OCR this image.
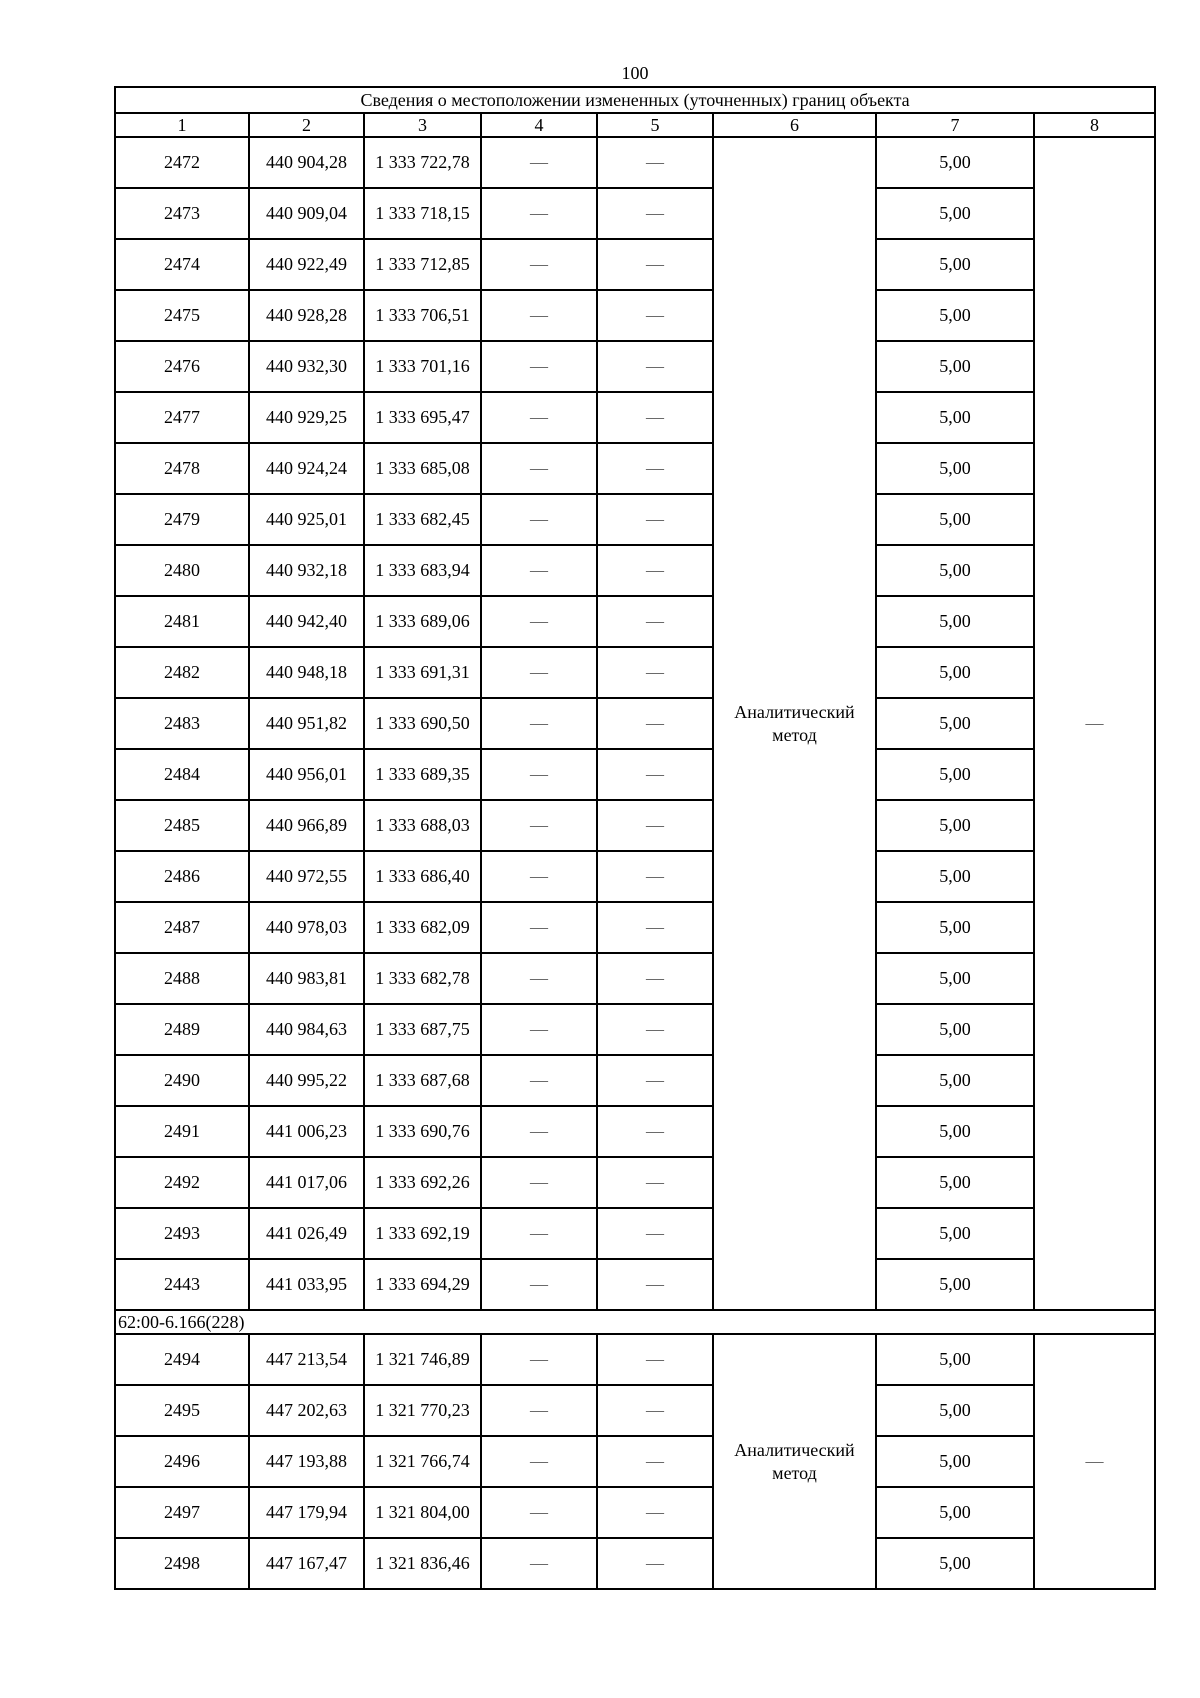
100
Сведения о местоположении измененных (уточненных) границ объекта							
1	2	3	4	5	6	7	8
2472	440 904,28	1 333 722,78	—	—	Аналитический метод	5,00	—
2473	440 909,04	1 333 718,15	—	—		5,00	
2474	440 922,49	1 333 712,85	—	—		5,00	
2475	440 928,28	1 333 706,51	—	—		5,00	
2476	440 932,30	1 333 701,16	—	—		5,00	
2477	440 929,25	1 333 695,47	—	—		5,00	
2478	440 924,24	1 333 685,08	—	—		5,00	
2479	440 925,01	1 333 682,45	—	—		5,00	
2480	440 932,18	1 333 683,94	—	—		5,00	
2481	440 942,40	1 333 689,06	—	—		5,00	
2482	440 948,18	1 333 691,31	—	—		5,00	
2483	440 951,82	1 333 690,50	—	—		5,00	
2484	440 956,01	1 333 689,35	—	—		5,00	
2485	440 966,89	1 333 688,03	—	—		5,00	
2486	440 972,55	1 333 686,40	—	—		5,00	
2487	440 978,03	1 333 682,09	—	—		5,00	
2488	440 983,81	1 333 682,78	—	—		5,00	
2489	440 984,63	1 333 687,75	—	—		5,00	
2490	440 995,22	1 333 687,68	—	—		5,00	
2491	441 006,23	1 333 690,76	—	—		5,00	
2492	441 017,06	1 333 692,26	—	—		5,00	
2493	441 026,49	1 333 692,19	—	—		5,00	
2443	441 033,95	1 333 694,29	—	—		5,00	
62:00-6.166(228)							
2494	447 213,54	1 321 746,89	—	—	Аналитический метод	5,00	—
2495	447 202,63	1 321 770,23	—	—		5,00	
2496	447 193,88	1 321 766,74	—	—		5,00	
2497	447 179,94	1 321 804,00	—	—		5,00	
2498	447 167,47	1 321 836,46	—	—		5,00	
